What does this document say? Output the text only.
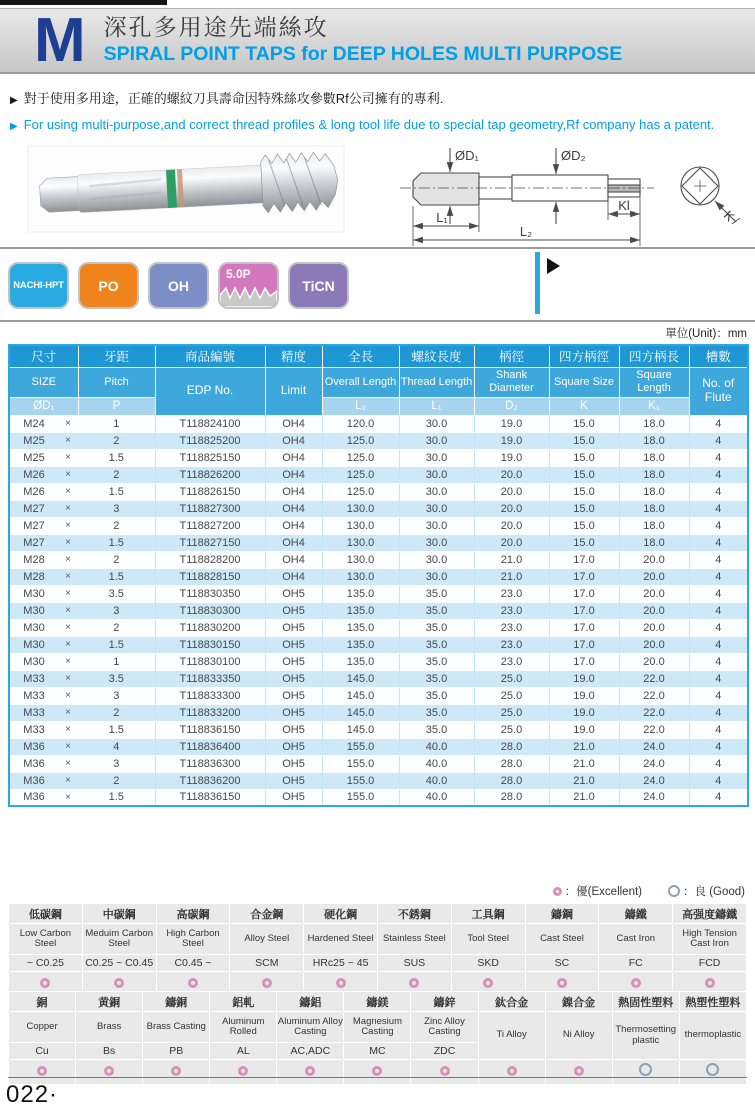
M 深孔多用途先端絲攻
SPIRAL POINT TAPS for DEEP HOLES MULTI PURPOSE
▶ 對于使用多用途，正確的螺紋刀具壽命因特殊絲攻參數Rf公司擁有的專利.
▶ For using multi-purpose,and correct thread profiles & long tool life due to special tap geometry,Rf company has a patent.
ØD₁	ØD₂
L₁
L₂
Kl
K
NACHI-HPT PO	OH
5.0P
TiCN
單位(Unit)：mm
尺寸		牙距	商品編號	精度	全長	螺紋長度	柄徑	四方柄徑	四方柄長	槽數
SIZE		Pitch	EDP No.	Limit	Overall Length	Thread Length	Shank Diameter	Square Size	Square Length	No. of Flute
ØD₁		P			L₂	L₁	D₂	K	K₁	
M24	×	1	T118824100	OH4	120.0	30.0	19.0	15.0	18.0	4
M25	×	2	T118825200	OH4	125.0	30.0	19.0	15.0	18.0	4
M25	×	1.5	T118825150	OH4	125.0	30.0	19.0	15.0	18.0	4
M26	×	2	T118826200	OH4	125.0	30.0	20.0	15.0	18.0	4
M26	×	1.5	T118826150	OH4	125.0	30.0	20.0	15.0	18.0	4
M27	×	3	T118827300	OH4	130.0	30.0	20.0	15.0	18.0	4
M27	×	2	T118827200	OH4	130.0	30.0	20.0	15.0	18.0	4
M27	×	1.5	T118827150	OH4	130.0	30.0	20.0	15.0	18.0	4
M28	×	2	T118828200	OH4	130.0	30.0	21.0	17.0	20.0	4
M28	×	1.5	T118828150	OH4	130.0	30.0	21.0	17.0	20.0	4
M30	×	3.5	T118830350	OH5	135.0	35.0	23.0	17.0	20.0	4
M30	×	3	T118830300	OH5	135.0	35.0	23.0	17.0	20.0	4
M30	×	2	T118830200	OH5	135.0	35.0	23.0	17.0	20.0	4
M30	×	1.5	T118830150	OH5	135.0	35.0	23.0	17.0	20.0	4
M30	×	1	T118830100	OH5	135.0	35.0	23.0	17.0	20.0	4
M33	×	3.5	T118833350	OH5	145.0	35.0	25.0	19.0	22.0	4
M33	×	3	T118833300	OH5	145.0	35.0	25.0	19.0	22.0	4
M33	×	2	T118833200	OH5	145.0	35.0	25.0	19.0	22.0	4
M33	×	1.5	T118836150	OH5	145.0	35.0	25.0	19.0	22.0	4
M36	×	4	T118836400	OH5	155.0	40.0	28.0	21.0	24.0	4
M36	×	3	T118836300	OH5	155.0	40.0	28.0	21.0	24.0	4
M36	×	2	T118836200	OH5	155.0	40.0	28.0	21.0	24.0	4
M36	×	1.5	T118836150	OH5	155.0	40.0	28.0	21.0	24.0	4
：優(Excellent)	：良 (Good)
低碳鋼	中碳鋼	高碳鋼	合金鋼	硬化鋼	不銹鋼	工具鋼	鑄鋼	鑄鐵	高强度鑄鐵
Low Carbon Steel	Meduim Carbon Steel	High Carbon Steel	Alloy Steel	Hardened Steel	Stainless Steel	Tool Steel	Cast Steel	Cast Iron	High Tension Cast Iron
~ C0.25	C0.25 ~ C0.45	C0.45 ~	SCM	HRc25 ~ 45	SUS	SKD	SC	FC	FCD

銅	黄銅	鑄銅	鋁軋	鑄鋁	鑄鎂	鑄鋅	鈦合金	鎳合金	熱固性塑料	熱塑性塑料
Copper	Brass	Brass Casting	Aluminum Rolled	Aluminum Alloy Casting	Magnesium Casting	Zinc Alloy Casting	Ti Alloy	Ni Alloy	Thermosetting plastic	thermoplastic
Cu	Bs	PB	AL	AC,ADC	MC	ZDC				

022·
